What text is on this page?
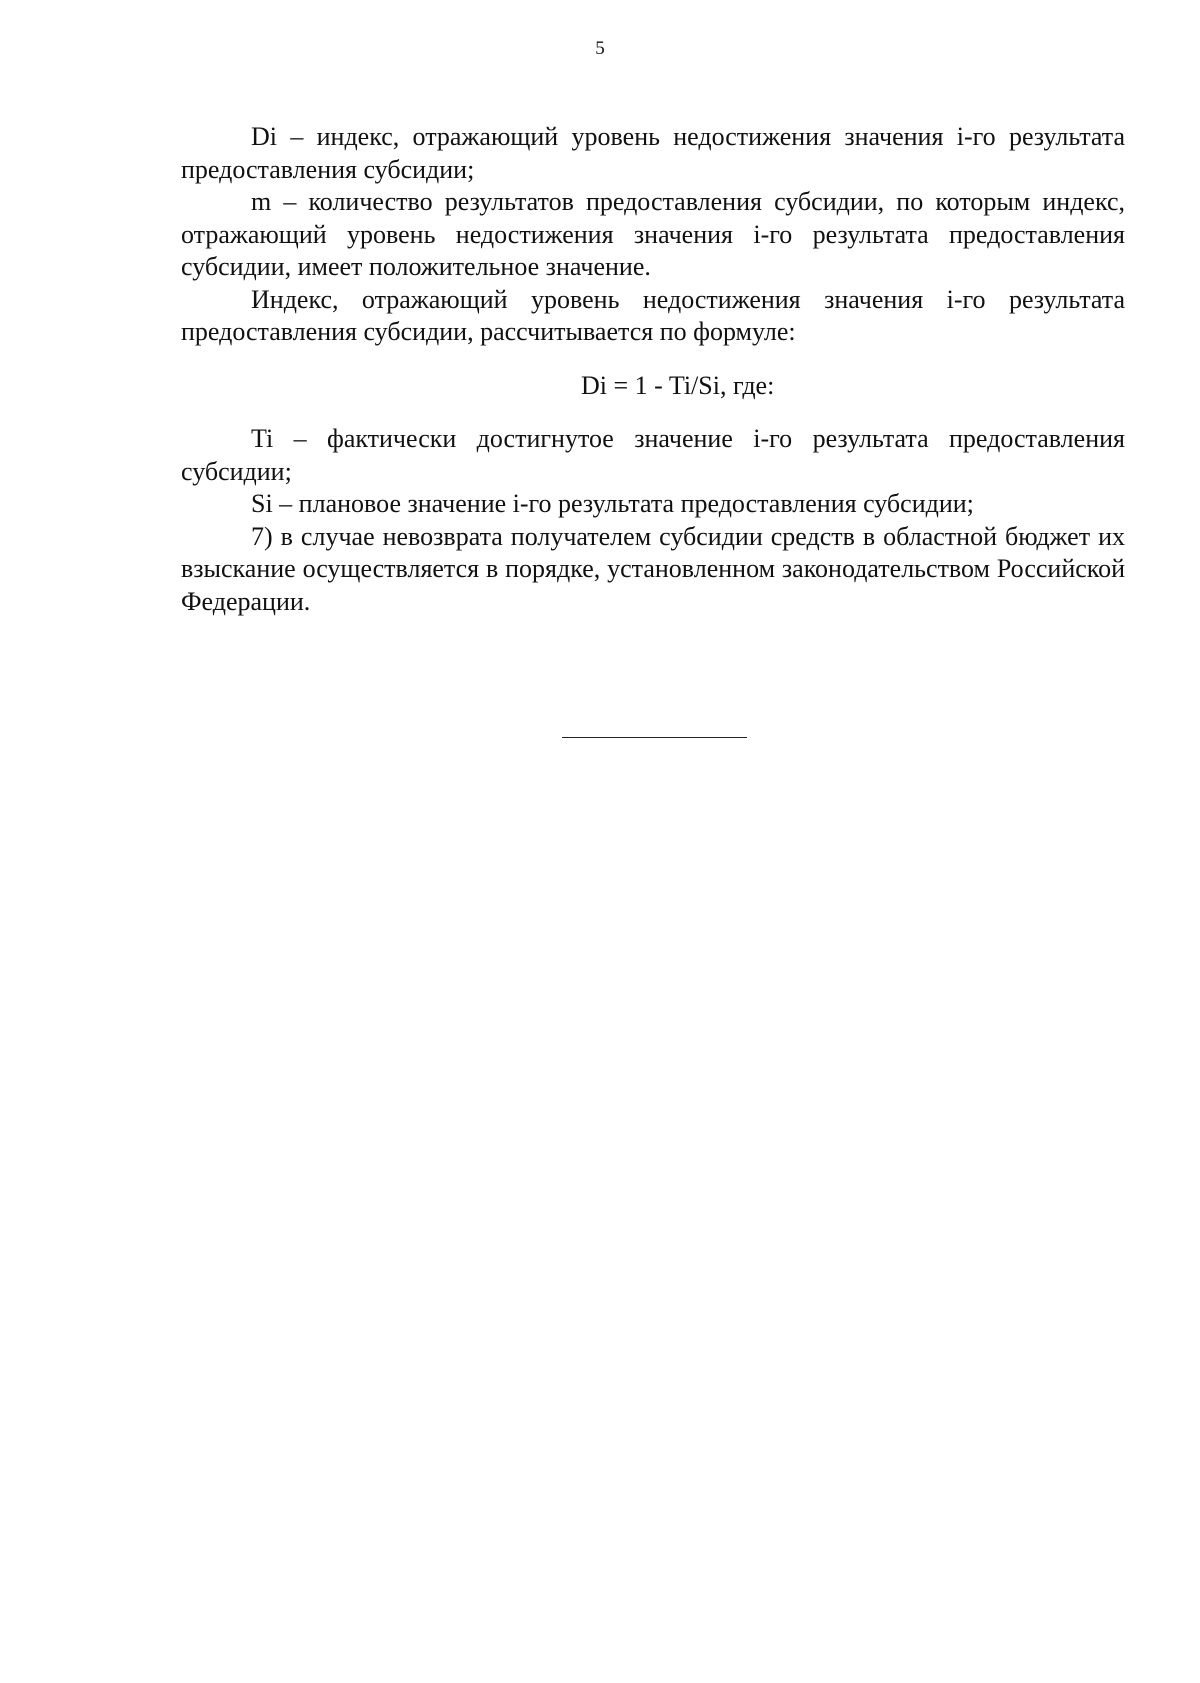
5

Di – индекс, отражающий уровень недостижения значения i-го результата предоставления субсидии;

m – количество результатов предоставления субсидии, по которым индекс, отражающий уровень недостижения значения i-го результата предоставления субсидии, имеет положительное значение.

Индекс, отражающий уровень недостижения значения i-го результата предоставления субсидии, рассчитывается по формуле:

Di = 1 - Ti/Si, где:

Ti – фактически достигнутое значение i-го результата предоставления субсидии;

Si – плановое значение i-го результата предоставления субсидии;

7) в случае невозврата получателем субсидии средств в областной бюджет их взыскание осуществляется в порядке, установленном законодательством Российской Федерации.
